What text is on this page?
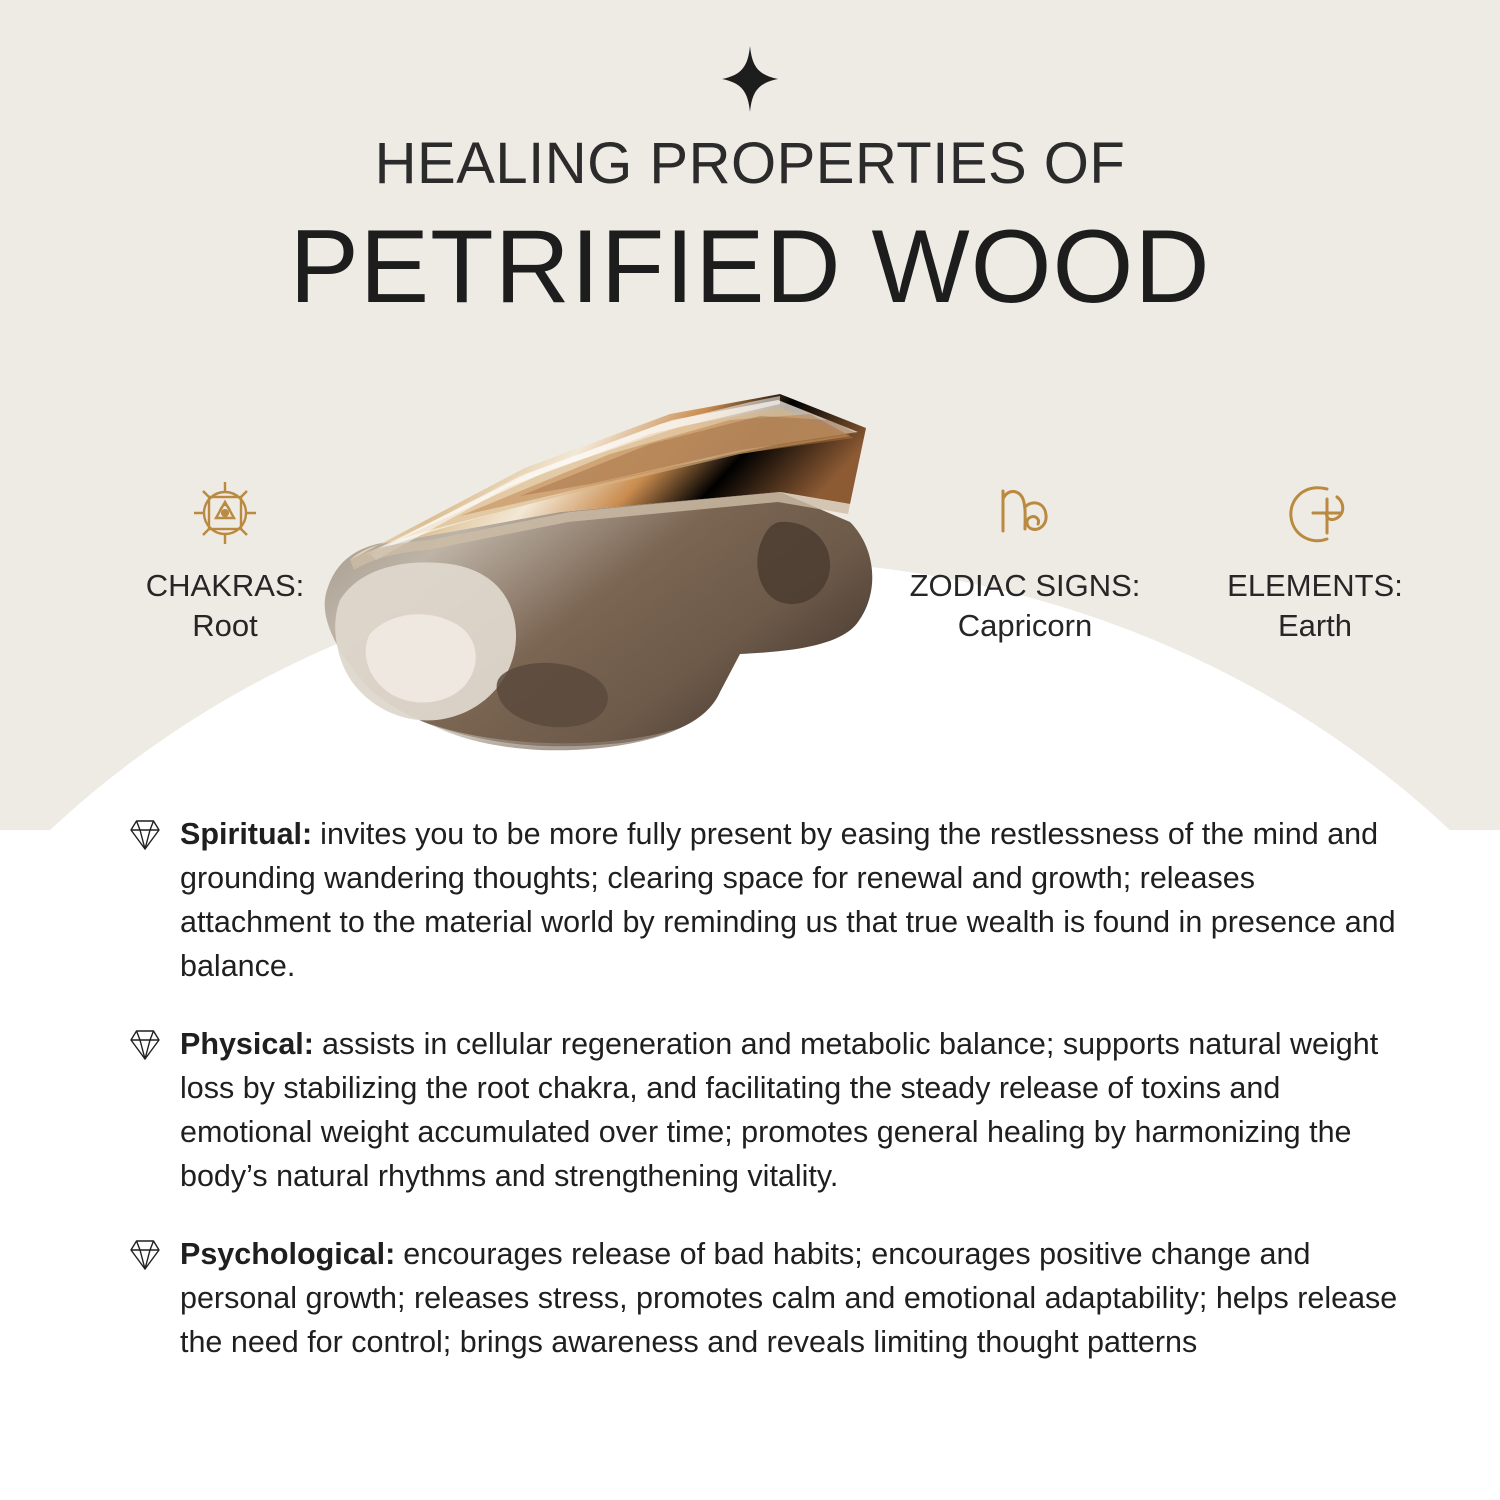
HEALING PROPERTIES OF
PETRIFIED WOOD
CHAKRAS:
Root
ZODIAC SIGNS:
Capricorn
ELEMENTS:
Earth
Spiritual: invites you to be more fully present by easing the restlessness of the mind and grounding wandering thoughts; clearing space for renewal and growth; releases attachment to the material world by reminding us that true wealth is found in presence and balance.
Physical: assists in cellular regeneration and metabolic balance; supports natural weight loss by stabilizing the root chakra, and facilitating the steady release of toxins and emotional weight accumulated over time; promotes general healing by harmonizing the body’s natural rhythms and strengthening vitality.
Psychological: encourages release of bad habits; encourages positive change and personal growth; releases stress, promotes calm and emotional adaptability; helps release the need for control; brings awareness and reveals limiting thought patterns
